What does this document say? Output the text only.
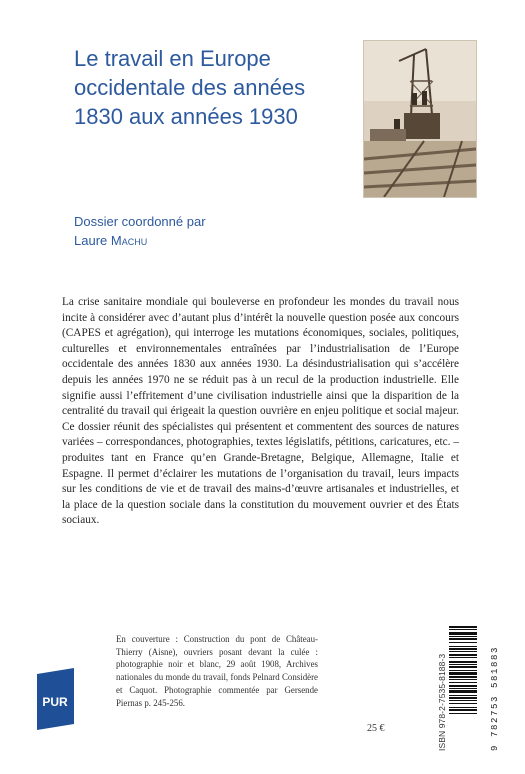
Le travail en Europe
occidentale des années
1830 aux années 1930
Dossier coordonné par
Laure Machu
La crise sanitaire mondiale qui bouleverse en profondeur les mondes du travail nous incite à considérer avec d’autant plus d’intérêt la nouvelle question posée aux concours (CAPES et agrégation), qui interroge les mutations économiques, sociales, politiques, culturelles et environnementales entraînées par l’industrialisation de l’Europe occidentale des années 1830 aux années 1930. La désindustrialisation qui s’accélère depuis les années 1970 ne se réduit pas à un recul de la production industrielle. Elle signifie aussi l’effritement d’une civilisation industrielle ainsi que la disparition de la centralité du travail qui érigeait la question ouvrière en enjeu politique et social majeur. Ce dossier réunit des spécialistes qui présentent et commentent des sources de natures variées – correspondances, photographies, textes législatifs, pétitions, caricatures, etc. – produites tant en France qu’en Grande-Bretagne, Belgique, Allemagne, Italie et Espagne. Il permet d’éclairer les mutations de l’organisation du travail, leurs impacts sur les conditions de vie et de travail des mains-d’œuvre artisanales et industrielles, et la place de la question sociale dans la constitution du mouvement ouvrier et des États sociaux.
PUR
En couverture : Construction du pont de Château-Thierry (Aisne), ouvriers posant devant la culée : photographie noir et blanc, 29 août 1908, Archives nationales du monde du travail, fonds Pelnard Considère et Caquot. Photographie commentée par Gersende Piernas p. 245-256.
25 €	ISBN 978-2-7535-8188-3	9 782753 581883
